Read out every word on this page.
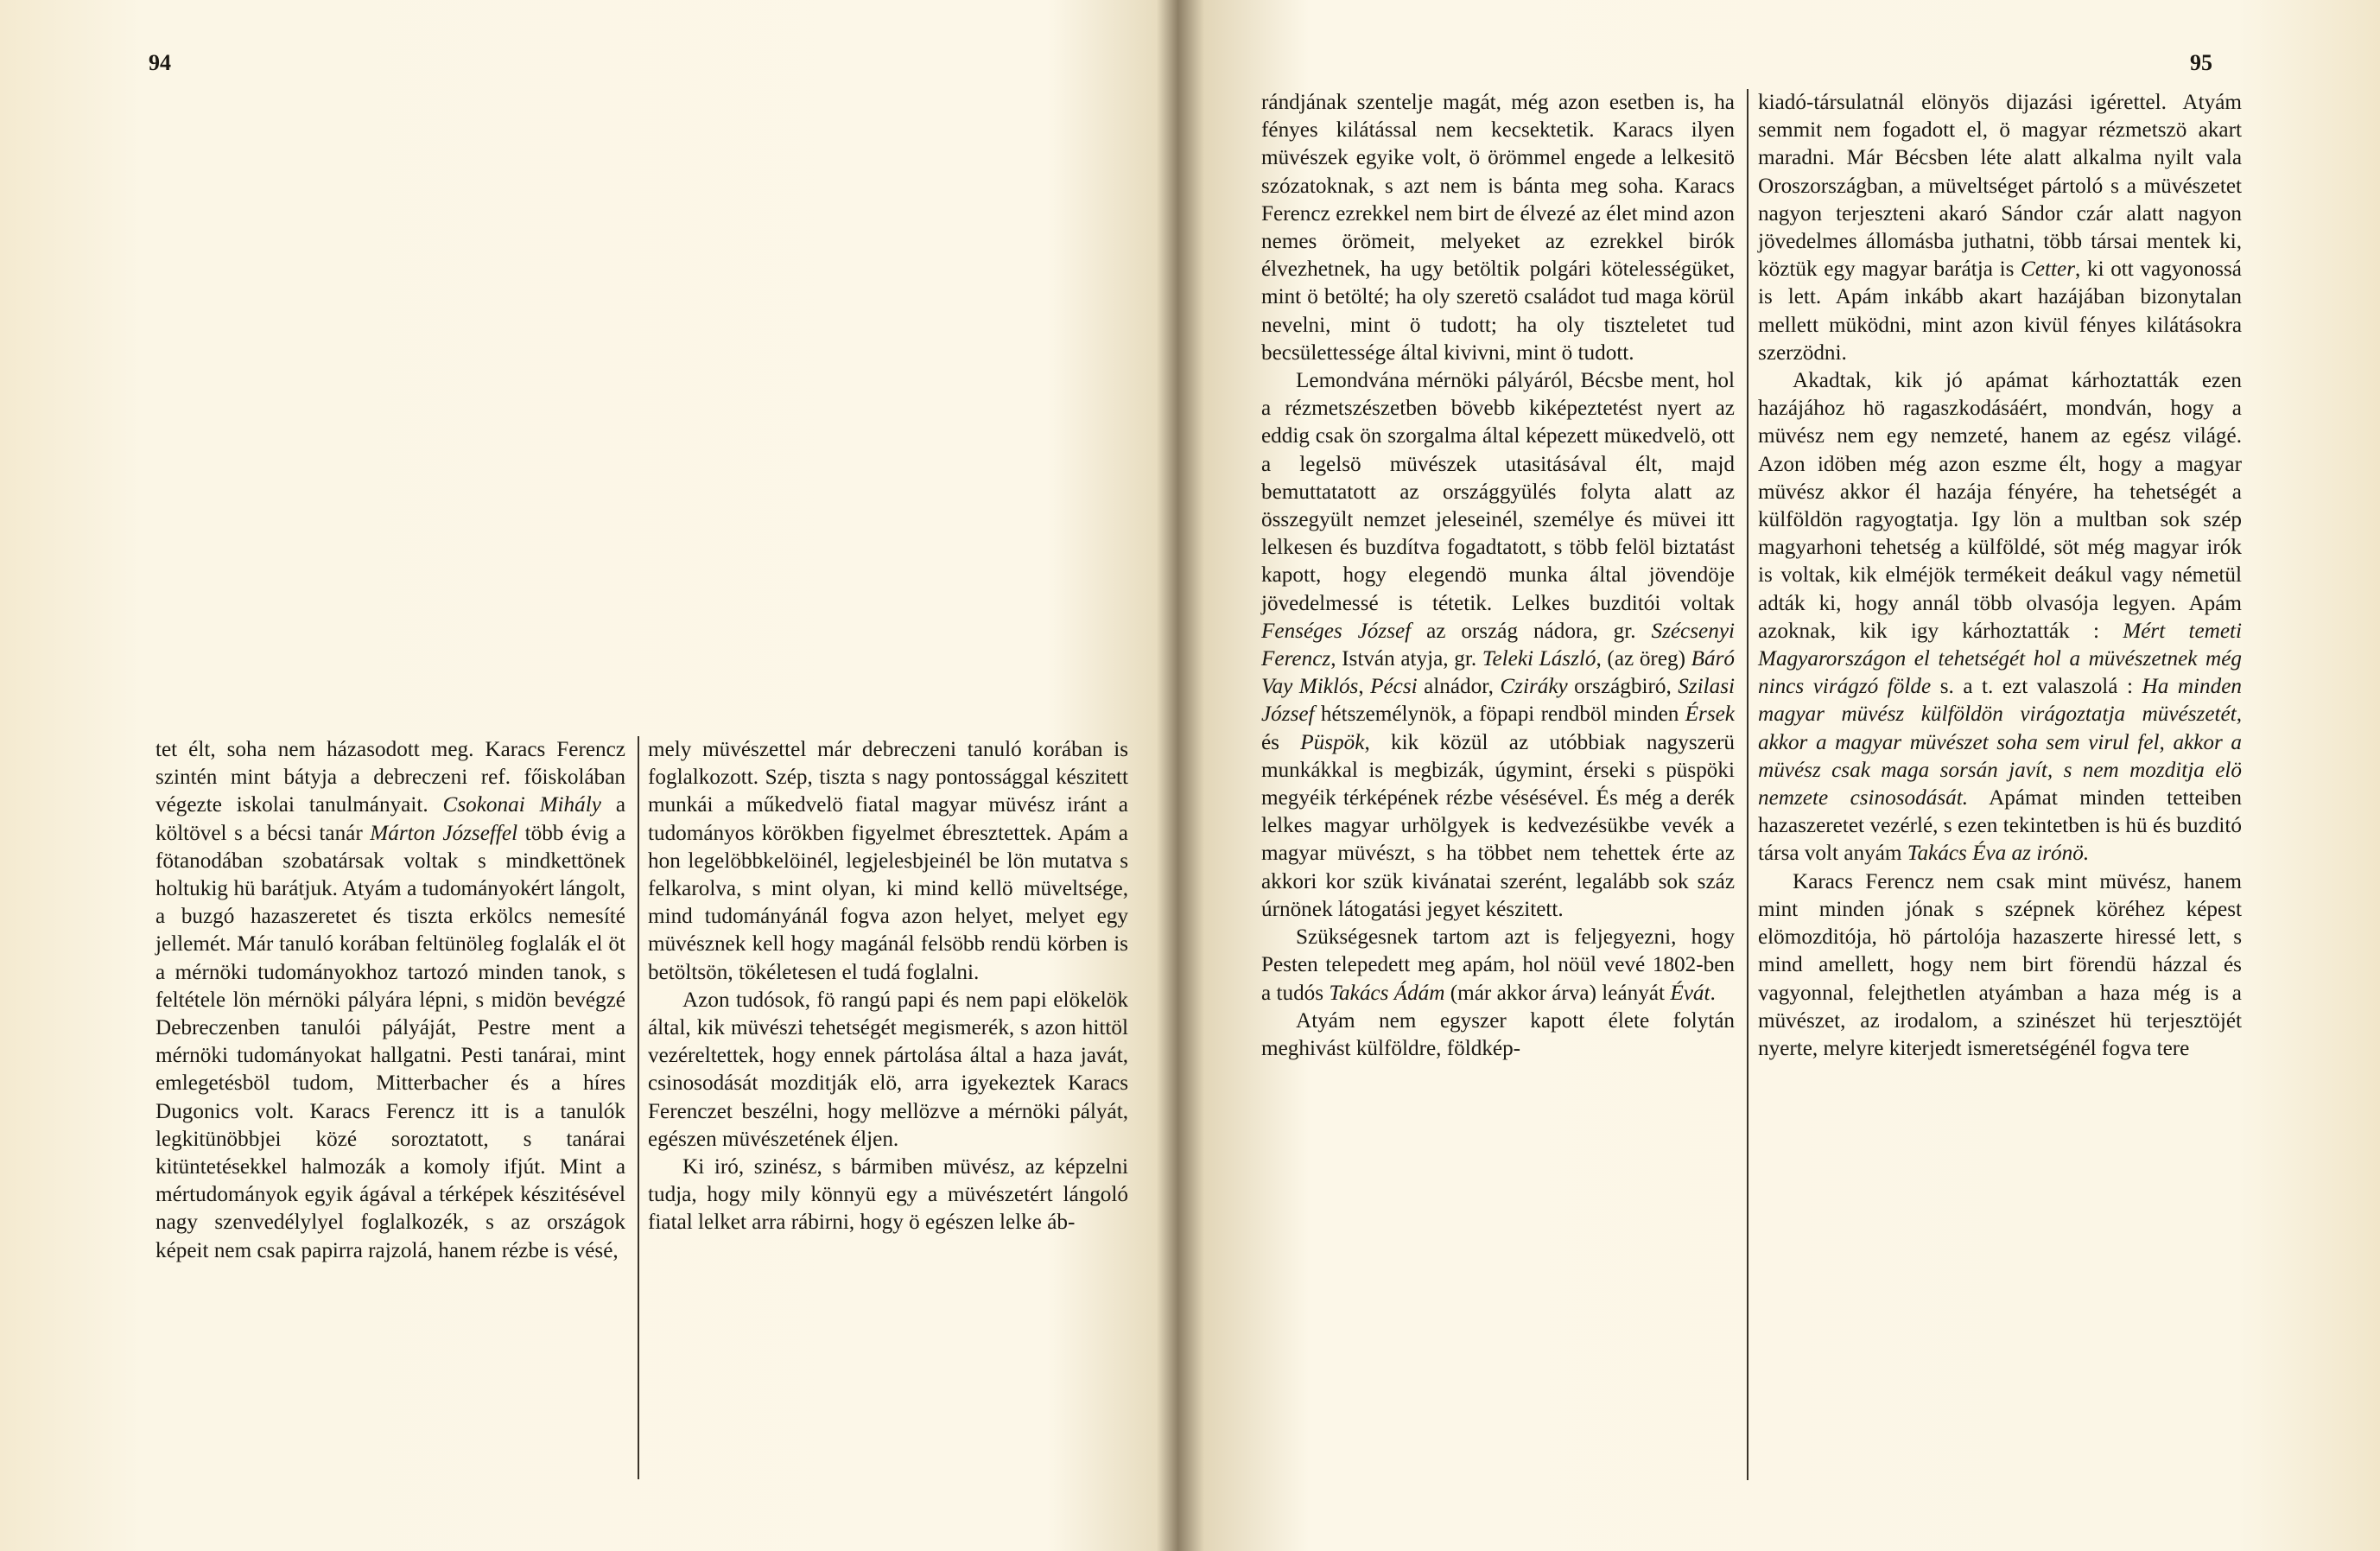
94

tet élt, soha nem házasodott meg. Karacs Ferencz szintén mint bátyja a debreczeni ref. főiskolában végezte iskolai tanulmányait. Csokonai Mihály a költövel s a bécsi tanár Márton Józseffel több évig a fötanodában szobatársak voltak s mindkettönek holtukig hü barátjuk. Atyám a tudományokért lángolt, a buzgó hazaszeretet és tiszta erkölcs nemesíté jellemét. Már tanuló korában feltünöleg foglalák el öt a mérnöki tudományokhoz tartozó minden tanok, s feltétele lön mérnöki pályára lépni, s midön bevégzé Debreczenben tanulói pályáját, Pestre ment a mérnöki tudományokat hallgatni. Pesti tanárai, mint emlegetésböl tudom, Mitterbacher és a híres Dugonics volt. Karacs Ferencz itt is a tanulók legkitünöbbjei közé soroztatott, s tanárai kitüntetésekkel halmozák a komoly ifjút. Mint a mértudományok egyik ágával a térképek készitésével nagy szenvedélylyel foglalkozék, s az országok képeit nem csak papirra rajzolá, hanem rézbe is vésé,

mely müvészettel már debreczeni tanuló korában is foglalkozott. Szép, tiszta s nagy pontossággal készitett munkái a műkedvelö fiatal magyar müvész iránt a tudományos körökben figyelmet ébresztettek. Apám a hon legelöbbkelöinél, legjelesbjeinél be lön mutatva s felkarolva, s mint olyan, ki mind kellö müveltsége, mind tudományánál fogva azon helyet, melyet egy müvésznek kell hogy magánál felsöbb rendü körben is betöltsön, tökéletesen el tudá foglalni.

Azon tudósok, fö rangú papi és nem papi elökelök által, kik müvészi tehetségét megismerék, s azon hittöl vezéreltettek, hogy ennek pártolása által a haza javát, csinosodását mozditják elö, arra igyekeztek Karacs Ferenczet beszélni, hogy mellözve a mérnöki pályát, egészen müvészetének éljen.

Ki iró, szinész, s bármiben müvész, az képzelni tudja, hogy mily könnyü egy a müvészetért lángoló fiatal lelket arra rábirni, hogy ö egészen lelke áb-

95

rándjának szentelje magát, még azon esetben is, ha fényes kilátással nem kecsektetik. Karacs ilyen müvészek egyike volt, ö örömmel engede a lelkesitö szózatoknak, s azt nem is bánta meg soha. Karacs Ferencz ezrekkel nem birt de élvezé az élet mind azon nemes örömeit, melyeket az ezrekkel birók élvezhetnek, ha ugy betöltik polgári kötelességüket, mint ö betölté; ha oly szeretö családot tud maga körül nevelni, mint ö tudott; ha oly tiszteletet tud becsülettessége által kivivni, mint ö tudott.

Lemondvána mérnöki pályáról, Bécsbe ment, hol a rézmetszészetben bövebb kiképeztetést nyert az eddig csak ön szorgalma által képezett müкedvelö, ott a legelsö müvészek utasitásával élt, majd bemuttatatott az országgyülés folyta alatt az összegyült nemzet jeleseinél, személye és müvei itt lelkesen és buzdítva fogadtatott, s több felöl biztatást kapott, hogy elegendö munka által jövendöje jövedelmessé is tétetik. Lelkes buzditói voltak Fenséges József az ország nádora, gr. Szécsenyi Ferencz, István atyja, gr. Teleki László, (az öreg) Báró Vay Miklós, Pécsi alnádor, Cziráky országbiró, Szilasi József hétszemélynök, a föpapi rendböl minden Érsek és Püspök, kik közül az utóbbiak nagyszerü munkákkal is megbizák, úgymint, érseki s püspöki megyéik térképének rézbe vésésével. És még a derék lelkes magyar urhölgyek is kedvezésükbe vevék a magyar müvészt, s ha többet nem tehettek érte az akkori kor szük kivánatai szerént, legalább sok száz úrnönek látogatási jegyet készitett.

Szükségesnek tartom azt is feljegyezni, hogy Pesten telepedett meg apám, hol nöül vevé 1802-ben a tudós Takács Ádám (már akkor árva) leányát Évát.

Atyám nem egyszer kapott élete folytán meghivást külföldre, földkép-

kiadó-társulatnál elönyös dijazási igérettel. Atyám semmit nem fogadott el, ö magyar rézmetszö akart maradni. Már Bécsben léte alatt alkalma nyilt vala Oroszországban, a müveltséget pártoló s a müvészetet nagyon terjeszteni akaró Sándor czár alatt nagyon jövedelmes állomásba juthatni, több társai mentek ki, köztük egy magyar barátja is Cetter, ki ott vagyonossá is lett. Apám inkább akart hazájában bizonytalan mellett müködni, mint azon kivül fényes kilátásokra szerzödni.

Akadtak, kik jó apámat kárhoztatták ezen hazájához hö ragaszkodásáért, mondván, hogy a müvész nem egy nemzeté, hanem az egész világé. Azon idöben még azon eszme élt, hogy a magyar müvész akkor él hazája fényére, ha tehetségét a külföldön ragyogtatja. Igy lön a multban sok szép magyarhoni tehetség a külföldé, söt még magyar irók is voltak, kik elméjök termékeit deákul vagy németül adták ki, hogy annál több olvasója legyen. Apám azoknak, kik igy kárhoztatták : Mért temeti Magyarországon el tehetségét hol a müvészetnek még nincs virágzó földe s. a t. ezt valaszolá : Ha minden magyar müvész külföldön virágoztatja müvészetét, akkor a magyar müvészet soha sem virul fel, akkor a müvész csak maga sorsán javít, s nem mozditja elö nemzete csinosodását. Apámat minden tetteiben hazaszeretet vezérlé, s ezen tekintetben is hü és buzditó társa volt anyám Takács Éva az irónö.

Karacs Ferencz nem csak mint müvész, hanem mint minden jónak s szépnek köréhez képest elömozditója, hö pártolója hazaszerte hiressé lett, s mind amellett, hogy nem birt förendü házzal és vagyonnal, felejthetlen atyámban a haza még is a müvészet, az irodalom, a szinészet hü terjesztöjét nyerte, melyre kiterjedt ismeretségénél fogva tere
